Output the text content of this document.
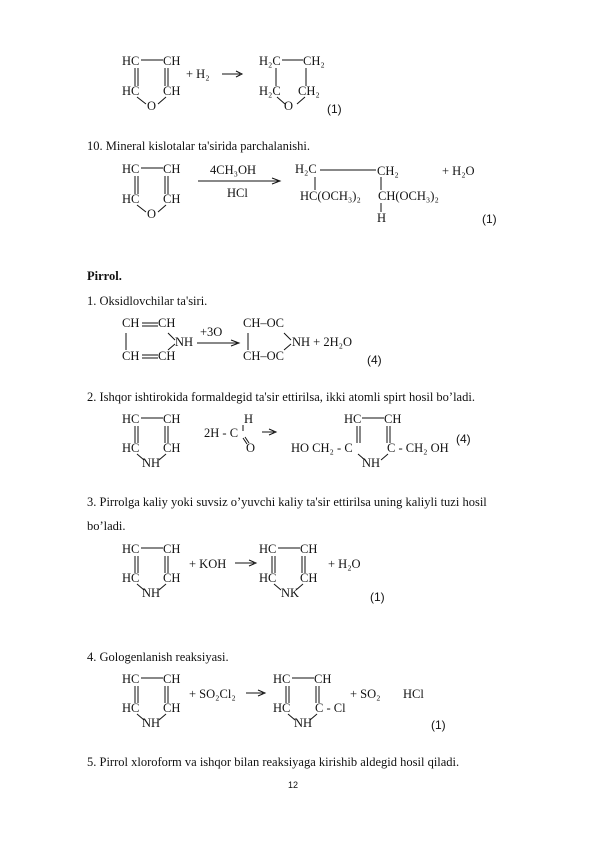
HC CH
HC CH
O
+ H₂
H₂C CH₂
H₂C CH₂
O	(1)
10. Mineral kislotalar ta'sirida parchalanishi.
HC CH
HC CH
O
4CH₃OH
HCl
H₂C	CH₂
HC(OCH₃)₂ CH(OCH₃)₂
H
+ H₂O
(1)
Pirrol.
1. Oksidlovchilar ta'siri.
CH CH
CH CH
NH
+3O
CH–OC
CH–OC
NH + 2H₂O
(4)
2. Ishqor ishtirokida formaldegid ta'sir ettirilsa, ikki atomli spirt hosil bo’ladi.
HC CH
HC CH
NH
2H - C
H
O
HC CH
HO CH₂ - C	C - CH₂ OH
NH
(4)
3. Pirrolga kaliy yoki suvsiz o’yuvchi kaliy ta'sir ettirilsa uning kaliyli tuzi hosil
bo’ladi.
HC CH
HC CH
NH
+ KOH
HC CH
HC CH
NK
+ H₂O
(1)
4. Gologenlanish reaksiyasi.
HC CH
HC CH
NH
+ SO₂Cl₂
HC CH
HC C - Cl
NH
+ SO₂ HCl
(1)
5. Pirrol xloroform va ishqor bilan reaksiyaga kirishib aldegid hosil qiladi.
12
